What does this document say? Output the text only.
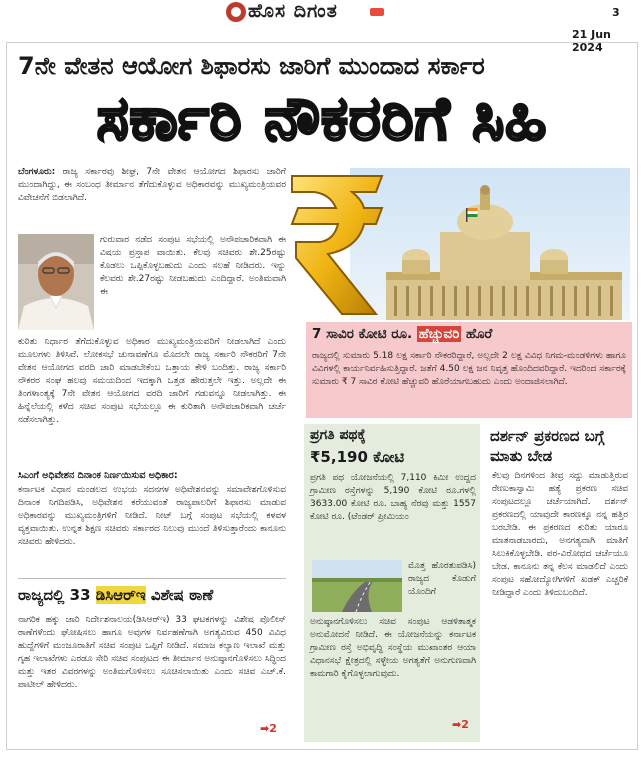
ಹೊಸ ದಿಗಂತ	3
21 Jun 2024
7ನೇ ವೇತನ ಆಯೋಗ ಶಿಫಾರಸು ಜಾರಿಗೆ ಮುಂದಾದ ಸರ್ಕಾರ
ಸರ್ಕಾರಿ ನೌಕರರಿಗೆ ಸಿಹಿ
ಬೆಂಗಳೂರು: ರಾಜ್ಯ ಸರ್ಕಾರವು ಶೀಘ್ರ, 7ನೇ ವೇತನ ಆಯೋಗದ ಶಿಫಾರಸು ಜಾರಿಗೆ ಮುಂದಾಗಿದ್ದು, ಈ ಸಂಬಂಧ ತೀರ್ಮಾನ ತೆಗೆದುಕೊಳ್ಳುವ ಅಧಿಕಾರವನ್ನು ಮುಖ್ಯಮಂತ್ರಿಯವರ ವಿವೇಚನೆಗೆ ಬಿಡಲಾಗಿದೆ.
ಗುರುವಾರ ನಡೆದ ಸಂಪುಟ ಸಭೆಯಲ್ಲಿ ಅನೌಪಚಾರಿಕವಾಗಿ ಈ ವಿಷಯ ಪ್ರಸ್ತಾಪ ವಾಯಿತು. ಕೆಲವು ಸಚಿವರು ಶೇ.25ರಷ್ಟು ಕೊಡಲು ಒಪ್ಪಿಕೊಳ್ಳಬಹುದು ಎಂದು ಸಲಹೆ ನೀಡಿದರು. ಇನ್ನು ಕೆಲವರು ಶೇ.27ರಷ್ಟು ನೀಡಬಹುದು ಎಂದಿದ್ದಾರೆ. ಅಂತಿಮವಾಗಿ ಈ
ಕುರಿತು ನಿರ್ಧಾರ ತೆಗೆದುಕೊಳ್ಳುವ ಅಧಿಕಾರ ಮುಖ್ಯಮಂತ್ರಿಯವರಿಗೆ ನೀಡಲಾಗಿದೆ ಎಂದು ಮೂಲಗಳು ತಿಳಿಸಿವೆ. ಲೋಕಸಭೆ ಚುನಾವಣೆಗೂ ಮೊದಲೇ ರಾಜ್ಯ ಸರ್ಕಾರಿ ನೌಕರರಿಗೆ 7ನೇ ವೇತನ ಆಯೋಗದ ವರದಿ ಜಾರಿ ಮಾಡಬೇಕೆಂಬ ಒತ್ತಾಯ ಕೇಳಿ ಬಂದಿತ್ತು. ರಾಜ್ಯ ಸರ್ಕಾರಿ ನೌಕರರ ಸಂಘ ಹಲವು ಸಮಯದಿಂದ ಇದಕ್ಕಾಗಿ ಒತ್ತಡ ಹೇರುತ್ತಲೇ ಇತ್ತು. ಅಲ್ಲದೇ ಈ ತಿಂಗಳಾಂತ್ಯಕ್ಕೆ 7ನೇ ವೇತನ ಆಯೋಗದ ವರದಿ ಜಾರಿಗೆ ಗಡುವನ್ನೂ ನೀಡಲಾಗಿತ್ತು. ಈ ಹಿನ್ನೆಲೆಯಲ್ಲಿ ಕಳೆದ ಸಚಿವ ಸಂಪುಟ ಸಭೆಯಲ್ಲೂ ಈ ಕುರಿತಾಗಿ ಅನೌಪಚಾರಿಕವಾಗಿ ಚರ್ಚೆ ನಡೆಸಲಾಗಿತ್ತು.
ಸಿಎಂಗೆ ಅಧಿವೇಶನ ದಿನಾಂಕ ನಿರ್ಣಯಿಸುವ ಅಧಿಕಾರ:
ಕರ್ನಾಟಕ ವಿಧಾನ ಮಂಡಲದ ಉಭಯ ಸದನಗಳ ಅಧಿವೇಶನವನ್ನು ಸಮಾವೇಶಗೊಳಿಸುವ ದಿನಾಂಕ ನಿಗದಿಪಡಿಸಿ, ಅಧಿವೇಶನ ಕರೆಯುವಂತೆ ರಾಜ್ಯಪಾಲರಿಗೆ ಶಿಫಾರಸು ಮಾಡುವ ಅಧಿಕಾರವನ್ನು ಮುಖ್ಯಮಂತ್ರಿಗಳಿಗೆ ನೀಡಿದೆ. ನೀಟ್ ಬಗ್ಗೆ ಸಂಪುಟ ಸಭೆಯಲ್ಲಿ ಕಳವಳ ವ್ಯಕ್ತವಾಯಿತು. ಉನ್ನತ ಶಿಕ್ಷಣ ಸಚಿವರು ಸರ್ಕಾರದ ನಿಲುವು ಮುಂದೆ ತಿಳಿಸುತ್ತಾರೆಂದು ಕಾನೂನು ಸಚಿವರು ಹೇಳಿದರು.
ರಾಜ್ಯದಲ್ಲಿ 33 ಡಿಸಿಆರ್‌ಇ ವಿಶೇಷ ಠಾಣೆ
ನಾಗರಿಕ ಹಕ್ಕು ಜಾರಿ ನಿರ್ದೇಶನಾಲಯ(ಡಿಸಿಆರ್‌ಇ) 33 ಘಟಕಗಳನ್ನು ವಿಶೇಷ ಪೊಲೀಸ್ ಠಾಣೆಗಳೆಂದು ಘೋಷಿಸಲು ಹಾಗೂ ಅವುಗಳ ನಿರ್ವಹಣೆಗಾಗಿ ಅಗತ್ಯವಿರುವ 450 ವಿವಿಧ ಹುದ್ದೆಗಳಿಗೆ ಮಂಜೂರಾತಿಗೆ ಸಚಿವ ಸಂಪುಟ ಒಪ್ಪಿಗೆ ನೀಡಿದೆ. ಸಮಾಜ ಕಲ್ಯಾಣ ಇಲಾಖೆ ಮತ್ತು ಗೃಹ ಇಲಾಖೆಗಳು ಎರಡೂ ಸೇರಿ ಸಚಿವ ಸಂಪುಟದ ಈ ತೀರ್ಮಾನ ಅನುಷ್ಠಾನಗೊಳಿಸಲು ಸಿದ್ಧಿಂದ ಮತ್ತು ಇತರ ವಿವರಗಳನ್ನು ಅಂತಿಮಗೊಳಿಸಲು ಸೂಚಿಸಲಾಯಿತು ಎಂದು ಸಚಿವ ಎಚ್.ಕೆ. ಪಾಟೀಲ್ ಹೇಳಿದರು.
➡2
7 ಸಾವಿರ ಕೋಟಿ ರೂ. ಹೆಚ್ಚುವರಿ ಹೊರೆ
ರಾಜ್ಯದಲ್ಲಿ ಸುಮಾರು 5.18 ಲಕ್ಷ ಸರ್ಕಾರಿ ನೌಕರರಿದ್ದಾರೆ, ಅಲ್ಲದೇ 2 ಲಕ್ಷ ವಿವಿಧ ನಿಗಮ-ಮಂಡಳಿಗಳು ಹಾಗೂ ವಿವಿಗಳಲ್ಲಿ ಕಾರ್ಯನಿರ್ವಹಿಸುತ್ತಿದ್ದಾರೆ. ಜತೆಗೆ 4.50 ಲಕ್ಷ ಜನ ನಿವೃತ್ತ ಹೊಂದಿದವರಿದ್ದಾರೆ. ಇದರಿಂದ ಸರ್ಕಾರಕ್ಕೆ ಸುಮಾರು ₹ 7 ಸಾವಿರ ಕೋಟಿ ಹೆಚ್ಚುವರಿ ಹೊರೆಯಾಗಬಹುದು ಎಂದು ಅಂದಾಜಿಸಲಾಗಿದೆ.
ಪ್ರಗತಿ ಪಥಕ್ಕೆ
₹5,190 ಕೋಟಿ
ಪ್ರಗತಿ ಪಥ ಯೋಜನೆಯಲ್ಲಿ 7,110 ಕಿಮೀ ಉದ್ದದ ಗ್ರಾಮೀಣ ರಸ್ತೆಗಳನ್ನು 5,190 ಕೋಟಿ ರೂ.ಗಳಲ್ಲಿ 3633.00 ಕೋಟಿ ರೂ. ಬಾಹ್ಯ ನೆರವು ಮತ್ತು 1557 ಕೋಟಿ ರೂ. (ಟೆಂಡರ್ ಪ್ರೀಮಿಯಂ
ಮೊತ್ತ ಹೊರತುಪಡಿಸಿ) ರಾಜ್ಯದ ಕೊಡುಗೆ ಯೊಂದಿಗೆ
ಅನುಷ್ಠಾನಗೊಳಿಸಲು ಸಚಿವ ಸಂಪುಟ ಆಡಳಿತಾತ್ಮಕ ಅನುಮೋದನೆ ನೀಡಿದೆ. ಈ ಯೋಜನೆಯನ್ನು ಕರ್ನಾಟಕ ಗ್ರಾಮೀಣ ರಸ್ತೆ ಅಭಿವೃದ್ಧಿ ಸಂಸ್ಥೆಯ ಮುಖಾಂತರ ಆಯಾ ವಿಧಾನಸಭೆ ಕ್ಷೇತ್ರದಲ್ಲಿ ಸಳ್ಳೇಯ ಅಗತ್ಯತೆಗೆ ಅನುಗುಣವಾಗಿ ಕಾಮಗಾರಿ ಕೈಗೊಳ್ಳಲಾಗುವುದು.
➡2
ದರ್ಶನ್ ಪ್ರಕರಣದ ಬಗ್ಗೆ ಮಾತು ಬೇಡ
ಕೆಲವು ದಿನಗಳಿಂದ ತೀವ್ರ ಸದ್ದು ಮಾಡುತ್ತಿರುವ ರೇಣುಕಾಸ್ವಾಮಿ ಹತ್ಯೆ ಪ್ರಕರಣ ಸಚಿವ ಸಂಪುಟದಲ್ಲೂ ಚರ್ಚೆಯಾಗಿದೆ. ದರ್ಶನ್ ಪ್ರಕರಣದಲ್ಲಿ ಯಾವುದೇ ಕಾರಣಕ್ಕೂ ನನ್ನ ಹತ್ತಿರ ಬರಬೇಡಿ. ಈ ಪ್ರಕರಣದ ಕುರಿತು ಯಾರೂ ಮಾತನಾಡಬಾರದು, ಅನಗತ್ಯವಾಗಿ ಮಾತಿಗೆ ಸಿಲುಕಿಕೊಳ್ಳಬೇಡಿ. ಪರ-ವಿರೋಧದ ಚರ್ಚೆಯೂ ಬೇಡ. ಕಾನೂನು ತನ್ನ ಕೆಲಸ ಮಾಡಲಿದೆ ಎಂದು ಸಂಪುಟ ಸಹೋದ್ಯೋಗಿಗಳಿಗೆ ಖಡಕ್ ಎಚ್ಚರಿಕೆ ನೀಡಿದ್ದಾರೆ ಎಂದು ತಿಳಿದುಬಂದಿದೆ.
